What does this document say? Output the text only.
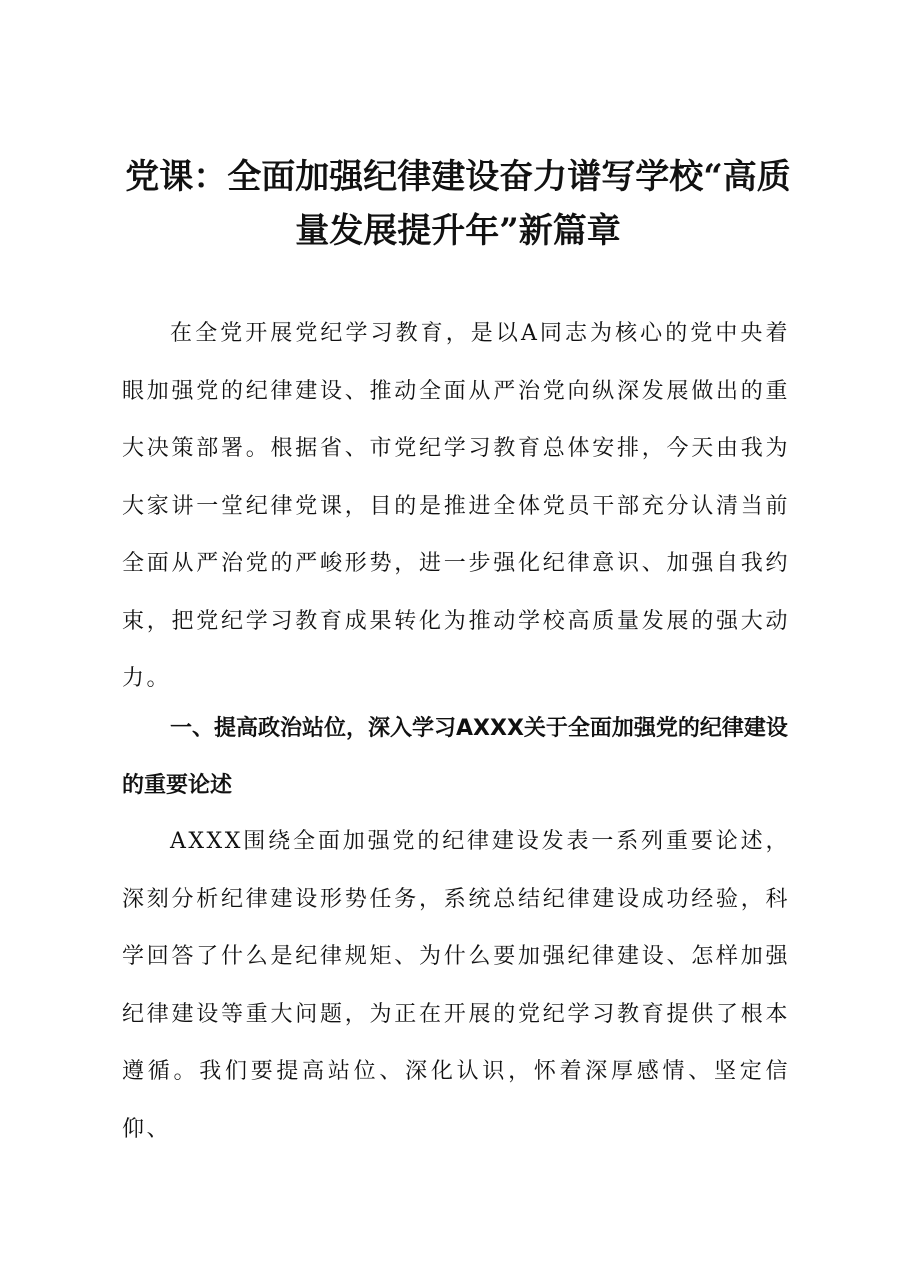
党课：全面加强纪律建设奋力谱写学校“高质量发展提升年”新篇章

在全党开展党纪学习教育，是以A同志为核心的党中央着眼加强党的纪律建设、推动全面从严治党向纵深发展做出的重大决策部署。根据省、市党纪学习教育总体安排，今天由我为大家讲一堂纪律党课，目的是推进全体党员干部充分认清当前全面从严治党的严峻形势，进一步强化纪律意识、加强自我约束，把党纪学习教育成果转化为推动学校高质量发展的强大动力。

一、提高政治站位，深入学习AXXX关于全面加强党的纪律建设的重要论述

AXXX围绕全面加强党的纪律建设发表一系列重要论述，深刻分析纪律建设形势任务，系统总结纪律建设成功经验，科学回答了什么是纪律规矩、为什么要加强纪律建设、怎样加强纪律建设等重大问题，为正在开展的党纪学习教育提供了根本遵循。我们要提高站位、深化认识，怀着深厚感情、坚定信仰、
